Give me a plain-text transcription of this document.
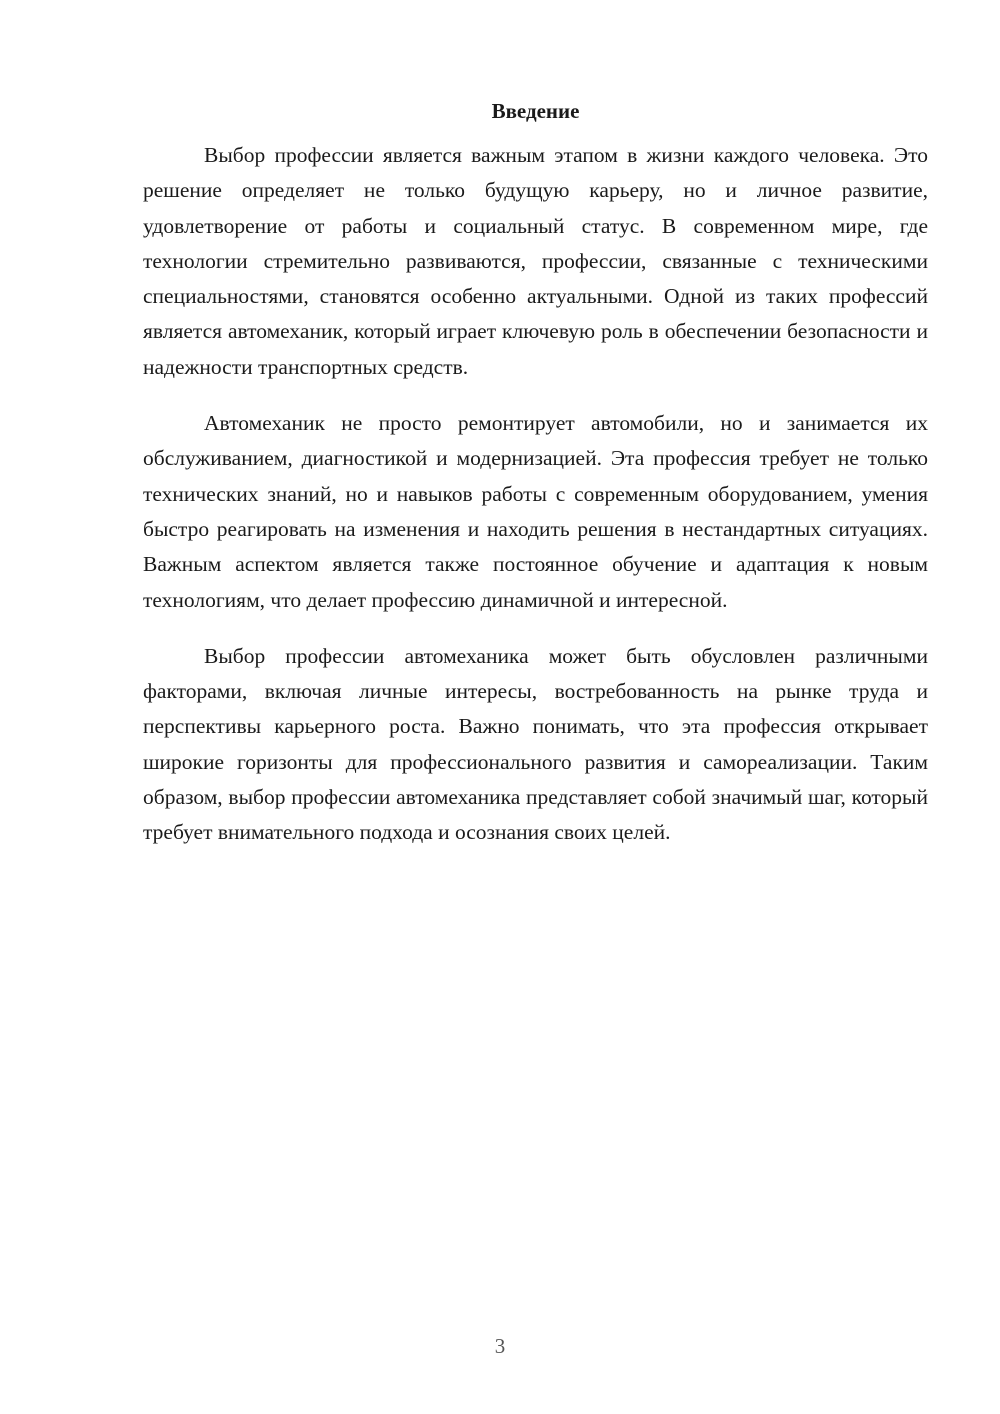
Введение

Выбор профессии является важным этапом в жизни каждого человека. Это решение определяет не только будущую карьеру, но и личное развитие, удовлетворение от работы и социальный статус. В современном мире, где технологии стремительно развиваются, профессии, связанные с техническими специальностями, становятся особенно актуальными. Одной из таких профессий является автомеханик, который играет ключевую роль в обеспечении безопасности и надежности транспортных средств.

Автомеханик не просто ремонтирует автомобили, но и занимается их обслуживанием, диагностикой и модернизацией. Эта профессия требует не только технических знаний, но и навыков работы с современным оборудованием, умения быстро реагировать на изменения и находить решения в нестандартных ситуациях. Важным аспектом является также постоянное обучение и адаптация к новым технологиям, что делает профессию динамичной и интересной.

Выбор профессии автомеханика может быть обусловлен различными факторами, включая личные интересы, востребованность на рынке труда и перспективы карьерного роста. Важно понимать, что эта профессия открывает широкие горизонты для профессионального развития и самореализации. Таким образом, выбор профессии автомеханика представляет собой значимый шаг, который требует внимательного подхода и осознания своих целей.

3
